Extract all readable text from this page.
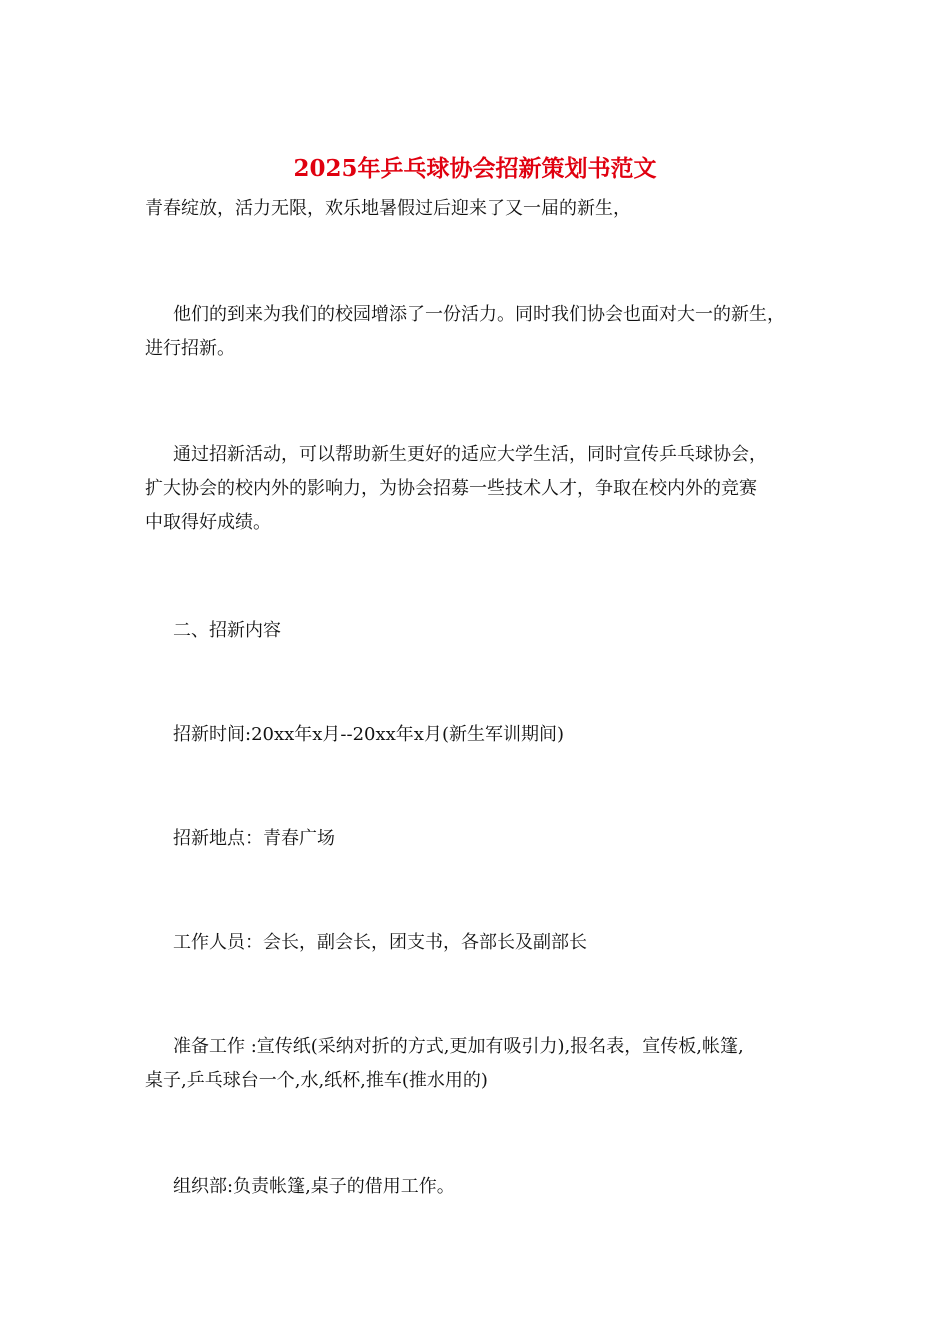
2025年乒乓球协会招新策划书范文
青春绽放，活力无限，欢乐地暑假过后迎来了又一届的新生，
他们的到来为我们的校园增添了一份活力。同时我们协会也面对大一的新生，
进行招新。
通过招新活动，可以帮助新生更好的适应大学生活，同时宣传乒乓球协会，
扩大协会的校内外的影响力，为协会招募一些技术人才，争取在校内外的竞赛
中取得好成绩。
二、招新内容
招新时间:20xx年x月--20xx年x月(新生军训期间)
招新地点：青春广场
工作人员：会长，副会长，团支书，各部长及副部长
准备工作 :宣传纸(采纳对折的方式,更加有吸引力),报名表，宣传板,帐篷,
桌子,乒乓球台一个,水,纸杯,推车(推水用的)
组织部:负责帐篷,桌子的借用工作。
